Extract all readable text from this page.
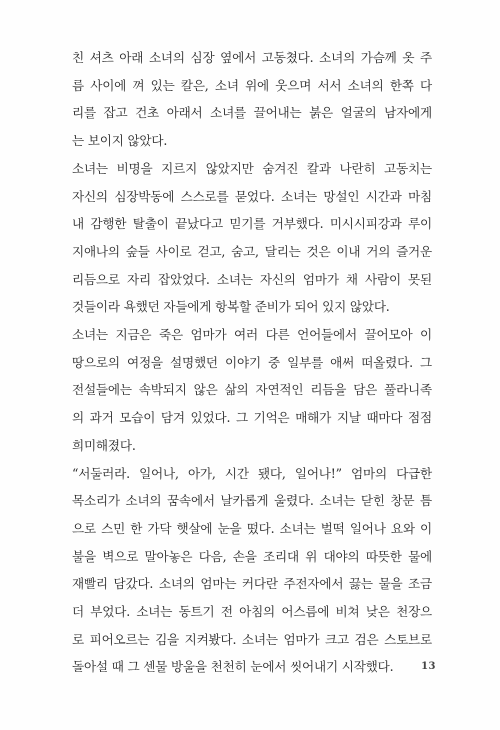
친 셔츠 아래 소녀의 심장 옆에서 고동쳤다. 소녀의 가슴께 옷 주
름 사이에 껴 있는 칼은, 소녀 위에 웃으며 서서 소녀의 한쪽 다
리를 잡고 건초 아래서 소녀를 끌어내는 붉은 얼굴의 남자에게
는 보이지 않았다.

소녀는 비명을 지르지 않았지만 숨겨진 칼과 나란히 고동치는
자신의 심장박동에 스스로를 묻었다. 소녀는 망설인 시간과 마침
내 감행한 탈출이 끝났다고 믿기를 거부했다. 미시시피강과 루이
지애나의 숲들 사이로 걷고, 숨고, 달리는 것은 이내 거의 즐거운
리듬으로 자리 잡았었다. 소녀는 자신의 엄마가 채 사람이 못된
것들이라 욕했던 자들에게 항복할 준비가 되어 있지 않았다.

소녀는 지금은 죽은 엄마가 여러 다른 언어들에서 끌어모아 이
땅으로의 여정을 설명했던 이야기 중 일부를 애써 떠올렸다. 그
전설들에는 속박되지 않은 삶의 자연적인 리듬을 담은 풀라니족
의 과거 모습이 담겨 있었다. 그 기억은 매해가 지날 때마다 점점
희미해졌다.

“서둘러라. 일어나, 아가, 시간 됐다, 일어나!” 엄마의 다급한
목소리가 소녀의 꿈속에서 날카롭게 울렸다. 소녀는 닫힌 창문 틈
으로 스민 한 가닥 햇살에 눈을 떴다. 소녀는 벌떡 일어나 요와 이
불을 벽으로 말아놓은 다음, 손을 조리대 위 대야의 따뜻한 물에
재빨리 담갔다. 소녀의 엄마는 커다란 주전자에서 끓는 물을 조금
더 부었다. 소녀는 동트기 전 아침의 어스름에 비쳐 낮은 천장으
로 피어오르는 김을 지켜봤다. 소녀는 엄마가 크고 검은 스토브로
돌아설 때 그 센물 방울을 천천히 눈에서 씻어내기 시작했다.	13
